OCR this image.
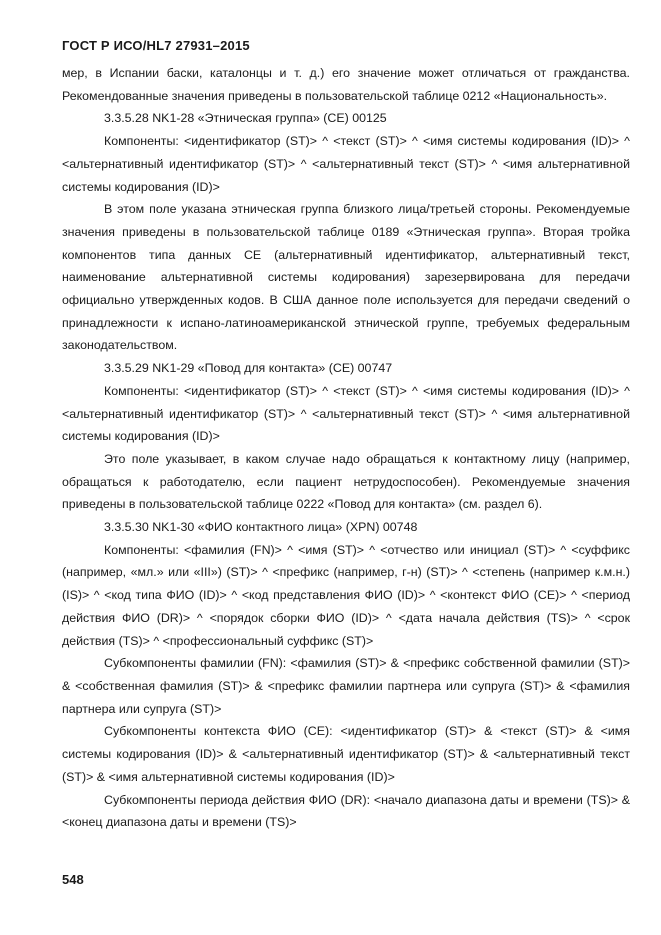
ГОСТ Р ИСО/HL7 27931–2015

мер, в Испании баски, каталонцы и т. д.) его значение может отличаться от гражданства. Рекомендованные значения приведены в пользовательской таблице 0212 «Национальность».

3.3.5.28 NK1-28 «Этническая группа» (CE) 00125

Компоненты: <идентификатор (ST)> ^ <текст (ST)> ^ <имя системы кодирования (ID)> ^ <альтернативный идентификатор (ST)> ^ <альтернативный текст (ST)> ^ <имя альтернативной системы кодирования (ID)>

В этом поле указана этническая группа близкого лица/третьей стороны. Рекомендуемые значения приведены в пользовательской таблице 0189 «Этническая группа». Вторая тройка компонентов типа данных CE (альтернативный идентификатор, альтернативный текст, наименование альтернативной системы кодирования) зарезервирована для передачи официально утвержденных кодов. В США данное поле используется для передачи сведений о принадлежности к испано-латиноамериканской этнической группе, требуемых федеральным законодательством.

3.3.5.29 NK1-29 «Повод для контакта» (CE) 00747

Компоненты: <идентификатор (ST)> ^ <текст (ST)> ^ <имя системы кодирования (ID)> ^ <альтернативный идентификатор (ST)> ^ <альтернативный текст (ST)> ^ <имя альтернативной системы кодирования (ID)>

Это поле указывает, в каком случае надо обращаться к контактному лицу (например, обращаться к работодателю, если пациент нетрудоспособен). Рекомендуемые значения приведены в пользовательской таблице 0222 «Повод для контакта» (см. раздел 6).

3.3.5.30 NK1-30 «ФИО контактного лица» (XPN) 00748

Компоненты: <фамилия (FN)> ^ <имя (ST)> ^ <отчество или инициал (ST)> ^ <суффикс (например, «мл.» или «III») (ST)> ^ <префикс (например, г-н) (ST)> ^ <степень (например к.м.н.) (IS)> ^ <код типа ФИО (ID)> ^ <код представления ФИО (ID)> ^ <контекст ФИО (CE)> ^ <период действия ФИО (DR)> ^ <порядок сборки ФИО (ID)> ^ <дата начала действия (TS)> ^ <срок действия (TS)> ^ <профессиональный суффикс (ST)>

Субкомпоненты фамилии (FN): <фамилия (ST)> & <префикс собственной фамилии (ST)> & <собственная фамилия (ST)> & <префикс фамилии партнера или супруга (ST)> & <фамилия партнера или супруга (ST)>

Субкомпоненты контекста ФИО (CE): <идентификатор (ST)> & <текст (ST)> & <имя системы кодирования (ID)> & <альтернативный идентификатор (ST)> & <альтернативный текст (ST)> & <имя альтернативной системы кодирования (ID)>

Субкомпоненты периода действия ФИО (DR): <начало диапазона даты и времени (TS)> & <конец диапазона даты и времени (TS)>

548
